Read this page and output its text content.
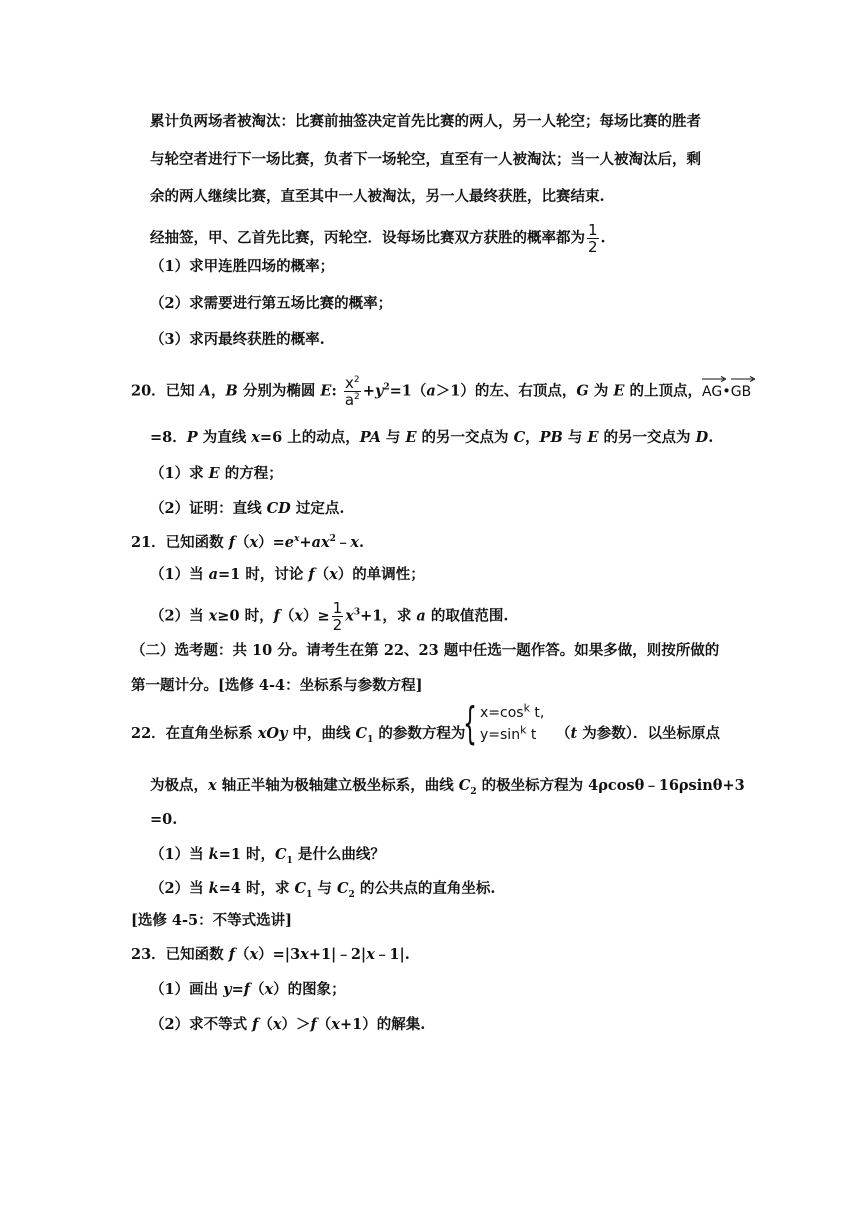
累计负两场者被淘汰：比赛前抽签决定首先比赛的两人，另一人轮空；每场比赛的胜者
与轮空者进行下一场比赛，负者下一场轮空，直至有一人被淘汰；当一人被淘汰后，剩
余的两人继续比赛，直至其中一人被淘汰，另一人最终获胜，比赛结束.
经抽签，甲、乙首先比赛，丙轮空．设每场比赛双方获胜的概率都为 $\frac{1}{2}$ .
（1）求甲连胜四场的概率；
（2）求需要进行第五场比赛的概率；
（3）求丙最终获胜的概率.
20．已知 A，B 分别为椭圆 E: $\frac{x^2}{a^2} +y^2=1(a>1)$的左、右顶点，G 为 E 的上顶点，
AG•
GB
=8．P 为直线 x=6 上的动点，PA 与 E 的另一交点为 C，PB 与 E 的另一交点为 D.
（1）求 E 的方程；
（2）证明：直线 CD 过定点.
21．已知函数 $f(x)=e^x+ax^2﹣x$.
（1）当 a=1 时，讨论 f（x）的单调性；
（2）当 x≥0 时，$f(x)\ge \frac{1}{2} x^3+1$，求 a 的取值范围.
（二）选考题：共 10 分。请考生在第 22、23 题中任选一题作答。如果多做，则按所做的
第一题计分。[选修 4-4：坐标系与参数方程]
22．在直角坐标系 xOy 中，曲线 $C_1$ 的参数方程为
{ $x=\cos^k$ t,
$y=\sin^k$ t	（t 为参数）．以坐标原点
为极点，x 轴正半轴为极轴建立极坐标系，曲线 $C_2$ 的极坐标方程为 4ρcosθ﹣16ρsinθ+3
=0.
（1）当 k=1 时，$C_1$ 是什么曲线？
（2）当 k=4 时，求 $C_1$ 与 $C_2$ 的公共点的直角坐标.
[选修 4-5：不等式选讲]
23．已知函数 f（x）=|3x+1|﹣2|x﹣1|.
（1）画出 y=f（x）的图象；
（2）求不等式 f（x）＞f（x+1）的解集.
